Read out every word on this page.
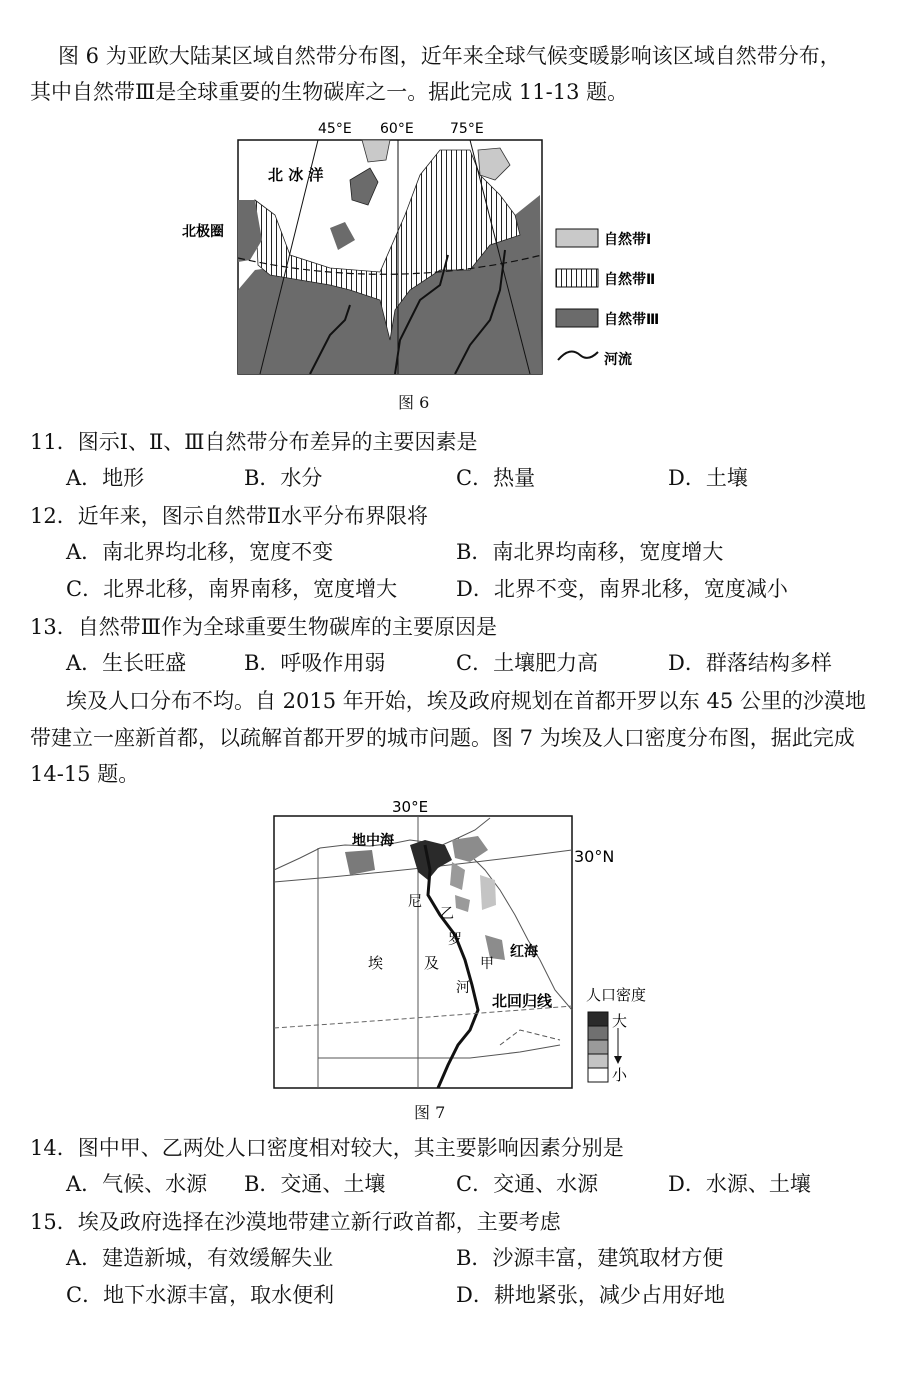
图 6 为亚欧大陆某区域自然带分布图，近年来全球气候变暖影响该区域自然带分布，
其中自然带Ⅲ是全球重要的生物碳库之一。据此完成 11-13 题。
45°E 60°E	75°E
北 冰 洋
北极圈	自然带Ⅰ
自然带Ⅱ
自然带Ⅲ
河流
图 6
11．图示Ⅰ、Ⅱ、Ⅲ自然带分布差异的主要因素是
A．地形	B．水分	C．热量	D．土壤
12．近年来，图示自然带Ⅱ水平分布界限将
A．南北界均北移，宽度不变	B．南北界均南移，宽度增大
C．北界北移，南界南移，宽度增大	D．北界不变，南界北移，宽度减小
13．自然带Ⅲ作为全球重要生物碳库的主要原因是
A．生长旺盛	B．呼吸作用弱	C．土壤肥力高	D．群落结构多样
埃及人口分布不均。自 2015 年开始，埃及政府规划在首都开罗以东 45 公里的沙漠地
带建立一座新首都，以疏解首都开罗的城市问题。图 7 为埃及人口密度分布图，据此完成
14-15 题。
30°E
地中海
30°N
尼
乙
罗
红海
甲
埃	及
河
北回归线 人口密度
大
小
图 7
14．图中甲、乙两处人口密度相对较大，其主要影响因素分别是
A．气候、水源 B．交通、土壤	C．交通、水源	D．水源、土壤
15．埃及政府选择在沙漠地带建立新行政首都，主要考虑
A．建造新城，有效缓解失业	B．沙源丰富，建筑取材方便
C．地下水源丰富，取水便利	D．耕地紧张，减少占用好地
